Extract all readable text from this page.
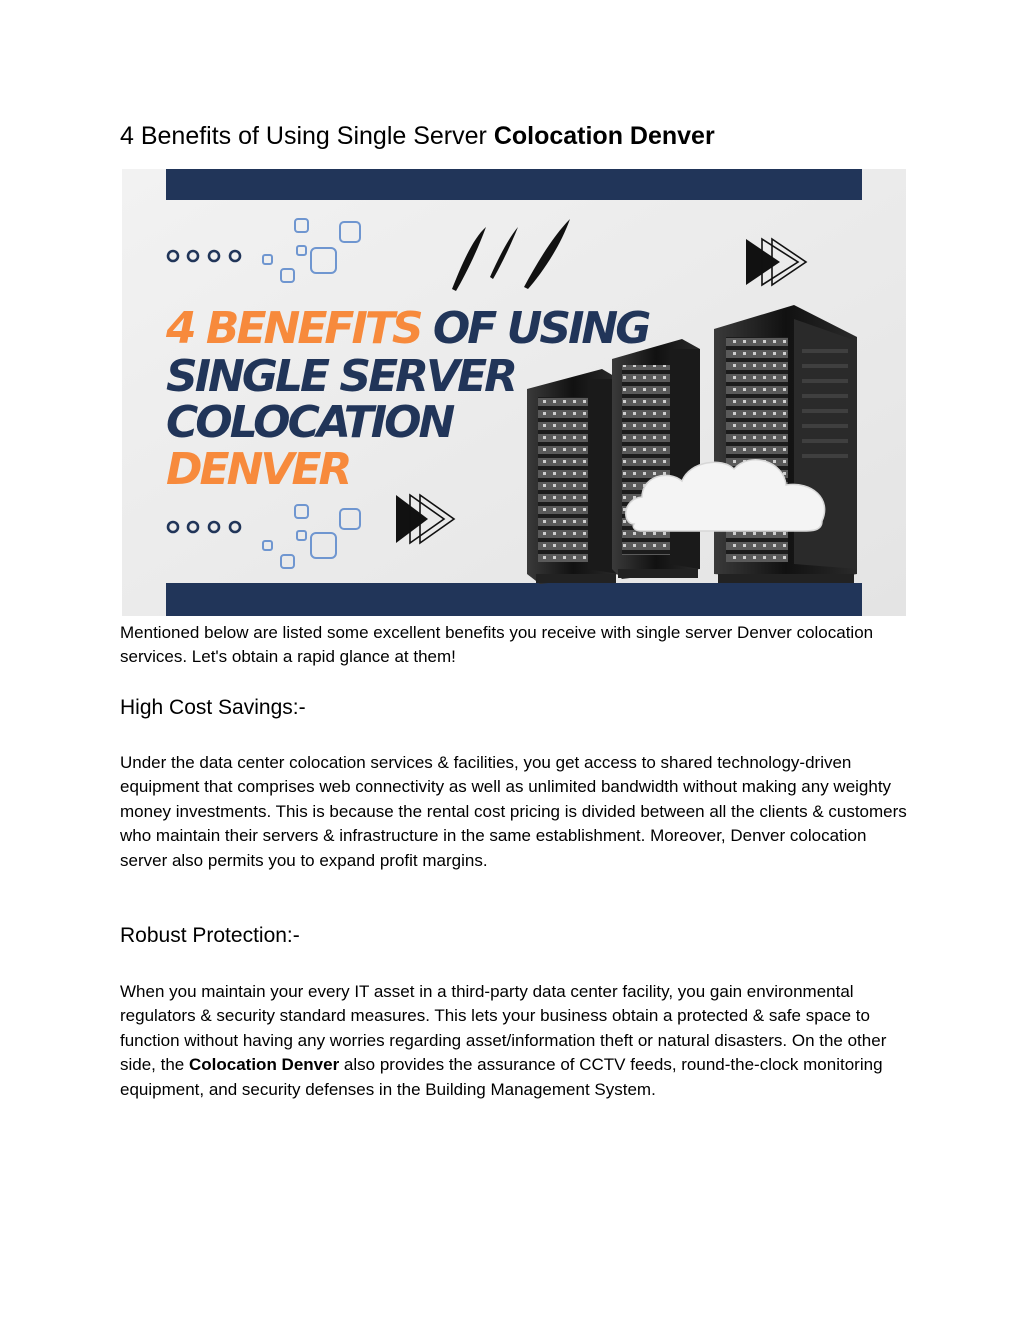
4 Benefits of Using Single Server Colocation Denver
4 BENEFITS OF USING
SINGLE SERVER
COLOCATION
DENVER

Mentioned below are listed some excellent benefits you receive with single server Denver colocation services. Let's obtain a rapid glance at them!

High Cost Savings:-

Under the data center colocation services & facilities, you get access to shared technology-driven equipment that comprises web connectivity as well as unlimited bandwidth without making any weighty money investments. This is because the rental cost pricing is divided between all the clients & customers who maintain their servers & infrastructure in the same establishment. Moreover, Denver colocation server also permits you to expand profit margins.

Robust Protection:-

When you maintain your every IT asset in a third-party data center facility, you gain environmental regulators & security standard measures. This lets your business obtain a protected & safe space to function without having any worries regarding asset/information theft or natural disasters. On the other side, the Colocation Denver also provides the assurance of CCTV feeds, round-the-clock monitoring equipment, and security defenses in the Building Management System.
